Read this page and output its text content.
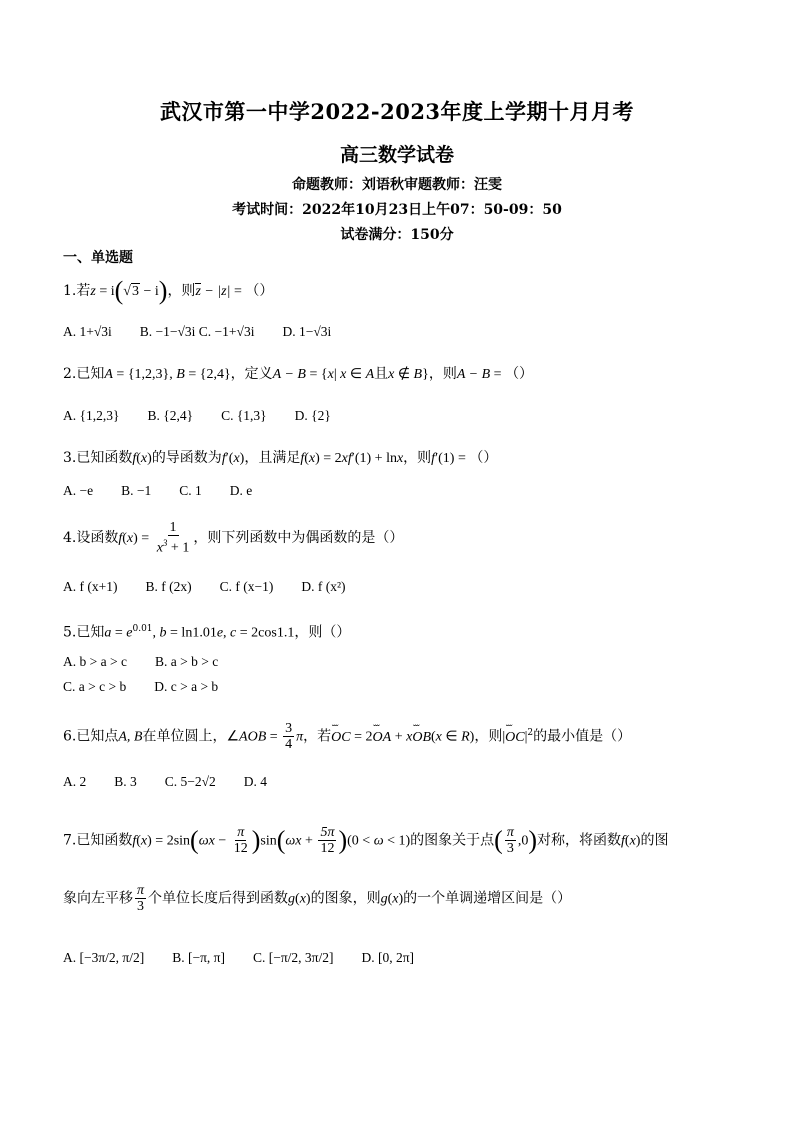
武汉市第一中学2022-2023年度上学期十月月考
高三数学试卷
命题教师：刘语秋审题教师：汪雯
考试时间：2022年10月23日上午07：50-09：50
试卷满分：150分
一、单选题
1.若z = i(√3 − i)，则z − |z| = （）
A. 1+√3i B. −1−√3i C. −1+√3i D. 1−√3i
2.已知A = {1,2,3}, B = {2,4}，定义A − B = {x| x ∈ A且x ∉ B}，则A − B = （）
A. {1,2,3} B. {2,4} C. {1,3} D. {2}
3.已知函数f(x)的导函数为f′(x)，且满足f(x) = 2xf′(1) + lnx，则f′(1) = （）
A. −e B. −1 C. 1 D. e
4.设函数$f(x) = \frac{1}{x^3 + 1}$ ，则下列函数中为偶函数的是（）
A. f (x+1) B. f (2x) C. f (x−1) D. f (x²)
5.已知$a = e^{0.01}$, b = ln1.01e, c = 2cos1.1，则（）
A. b > a > c B. a > b > c
C. a > c > b D. c > a > b
6.已知点A, B在单位圆上，∠AOB = $\frac{3}{4}$ π，若ˇˇˇ OC = 2ˇˇˇ OA + xˇˇˇ OB(x ∈ R)，则|ˇˇˇ $OC|^2$的最小值是（）
A. 2 B. 3 C. 5−2√2 D. 4
7.已知函数$f(x) = 2\sin(\omega x - \frac{\pi}{12} )\sin(\omega x + \frac{5\pi}{12} )(0 < \omega < 1)$的图象关于点( $\frac{\pi}{3} ,0$)对称，将函数f(x)的图
象向左平移 $\frac{\pi}{3}$ 个单位长度后得到函数g(x)的图象，则g(x)的一个单调递增区间是（）
A. [−3π/2, π/2] B. [−π, π] C. [−π/2, 3π/2] D. [0, 2π]
